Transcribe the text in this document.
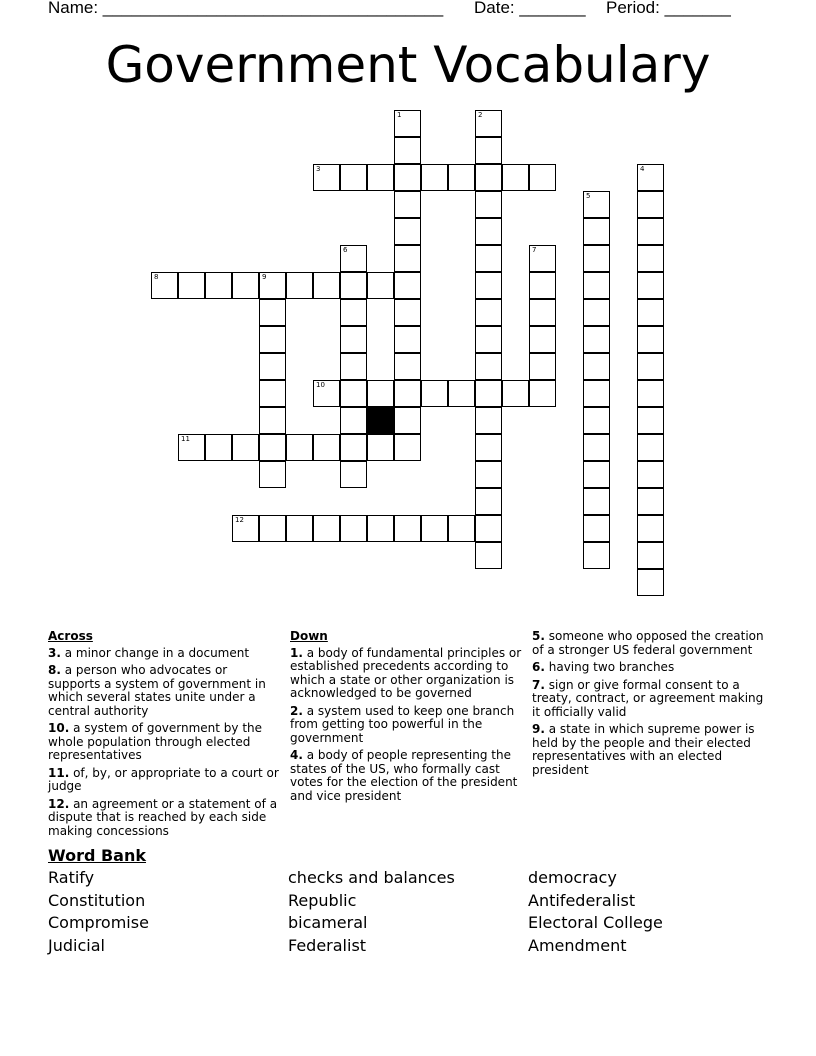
Name: ____________________________________ Date: _______ Period: _______
Government Vocabulary
1	2
3	4
5
6	7
8	9
10
11
12
Across
3. a minor change in a document
8. a person who advocates or supports a system of government in which several states unite under a central authority
10. a system of government by the whole population through elected representatives
11. of, by, or appropriate to a court or judge
12. an agreement or a statement of a dispute that is reached by each side making concessions
Down
1. a body of fundamental principles or established precedents according to which a state or other organization is acknowledged to be governed
2. a system used to keep one branch from getting too powerful in the government
4. a body of people representing the states of the US, who formally cast votes for the election of the president and vice president
5. someone who opposed the creation of a stronger US federal government
6. having two branches
7. sign or give formal consent to a treaty, contract, or agreement making it officially valid
9. a state in which supreme power is held by the people and their elected representatives with an elected president
Word Bank
Ratify
Constitution
Compromise
Judicial
checks and balances
Republic
bicameral
Federalist
democracy
Antifederalist
Electoral College
Amendment
